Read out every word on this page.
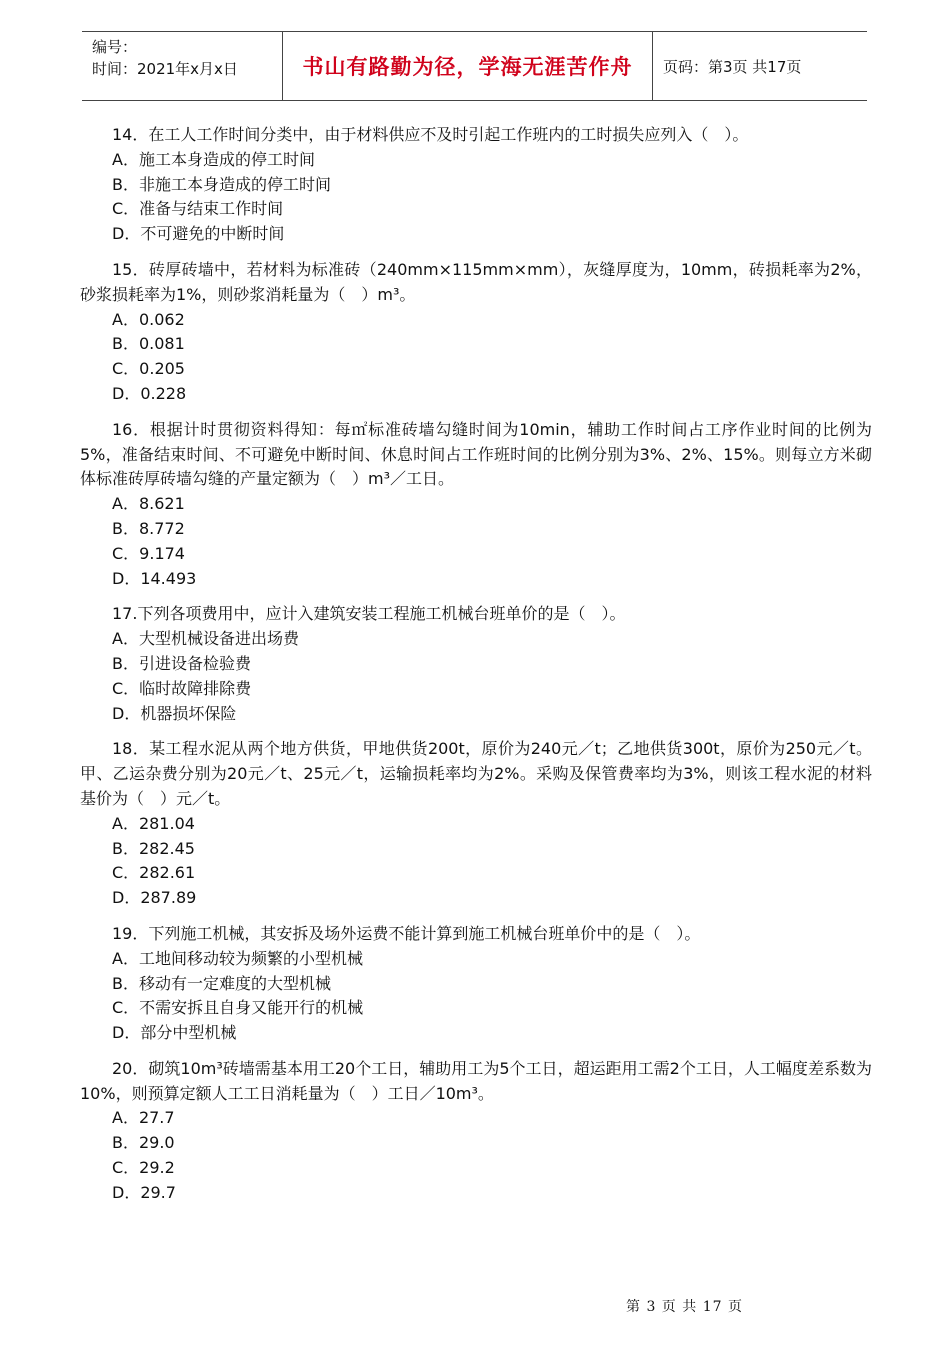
编号：
时间：2021年x月x日	书山有路勤为径，学海无涯苦作舟 页码：第3页 共17页
14．在工人工作时间分类中，由于材料供应不及时引起工作班内的工时损失应列入（　）。
A．施工本身造成的停工时间
B．非施工本身造成的停工时间
C．准备与结束工作时间
D．不可避免的中断时间
15．砖厚砖墙中，若材料为标准砖（240mm×115mm×mm），灰缝厚度为，10mm，砖损耗率为2%，砂浆损耗率为1%，则砂浆消耗量为（　）m³。
A．0.062
B．0.081
C．0.205
D．0.228
16．根据计时贯彻资料得知：每㎡标准砖墙勾缝时间为10min，辅助工作时间占工序作业时间的比例为5%，准备结束时间、不可避免中断时间、休息时间占工作班时间的比例分别为3%、2%、15%。则每立方米砌体标准砖厚砖墙勾缝的产量定额为（　）m³／工日。
A．8.621
B．8.772
C．9.174
D．14.493
17.下列各项费用中，应计入建筑安装工程施工机械台班单价的是（　）。
A．大型机械设备进出场费
B．引进设备检验费
C．临时故障排除费
D．机器损坏保险
18．某工程水泥从两个地方供货，甲地供货200t，原价为240元／t；乙地供货300t，原价为250元／t。甲、乙运杂费分别为20元／t、25元／t，运输损耗率均为2%。采购及保管费率均为3%，则该工程水泥的材料基价为（　）元／t。
A．281.04
B．282.45
C．282.61
D．287.89
19．下列施工机械，其安拆及场外运费不能计算到施工机械台班单价中的是（　）。
A．工地间移动较为频繁的小型机械
B．移动有一定难度的大型机械
C．不需安拆且自身又能开行的机械
D．部分中型机械
20．砌筑10m³砖墙需基本用工20个工日，辅助用工为5个工日，超运距用工需2个工日，人工幅度差系数为10%，则预算定额人工工日消耗量为（　）工日／10m³。
A．27.7
B．29.0
C．29.2
D．29.7
第 3 页 共 17 页
